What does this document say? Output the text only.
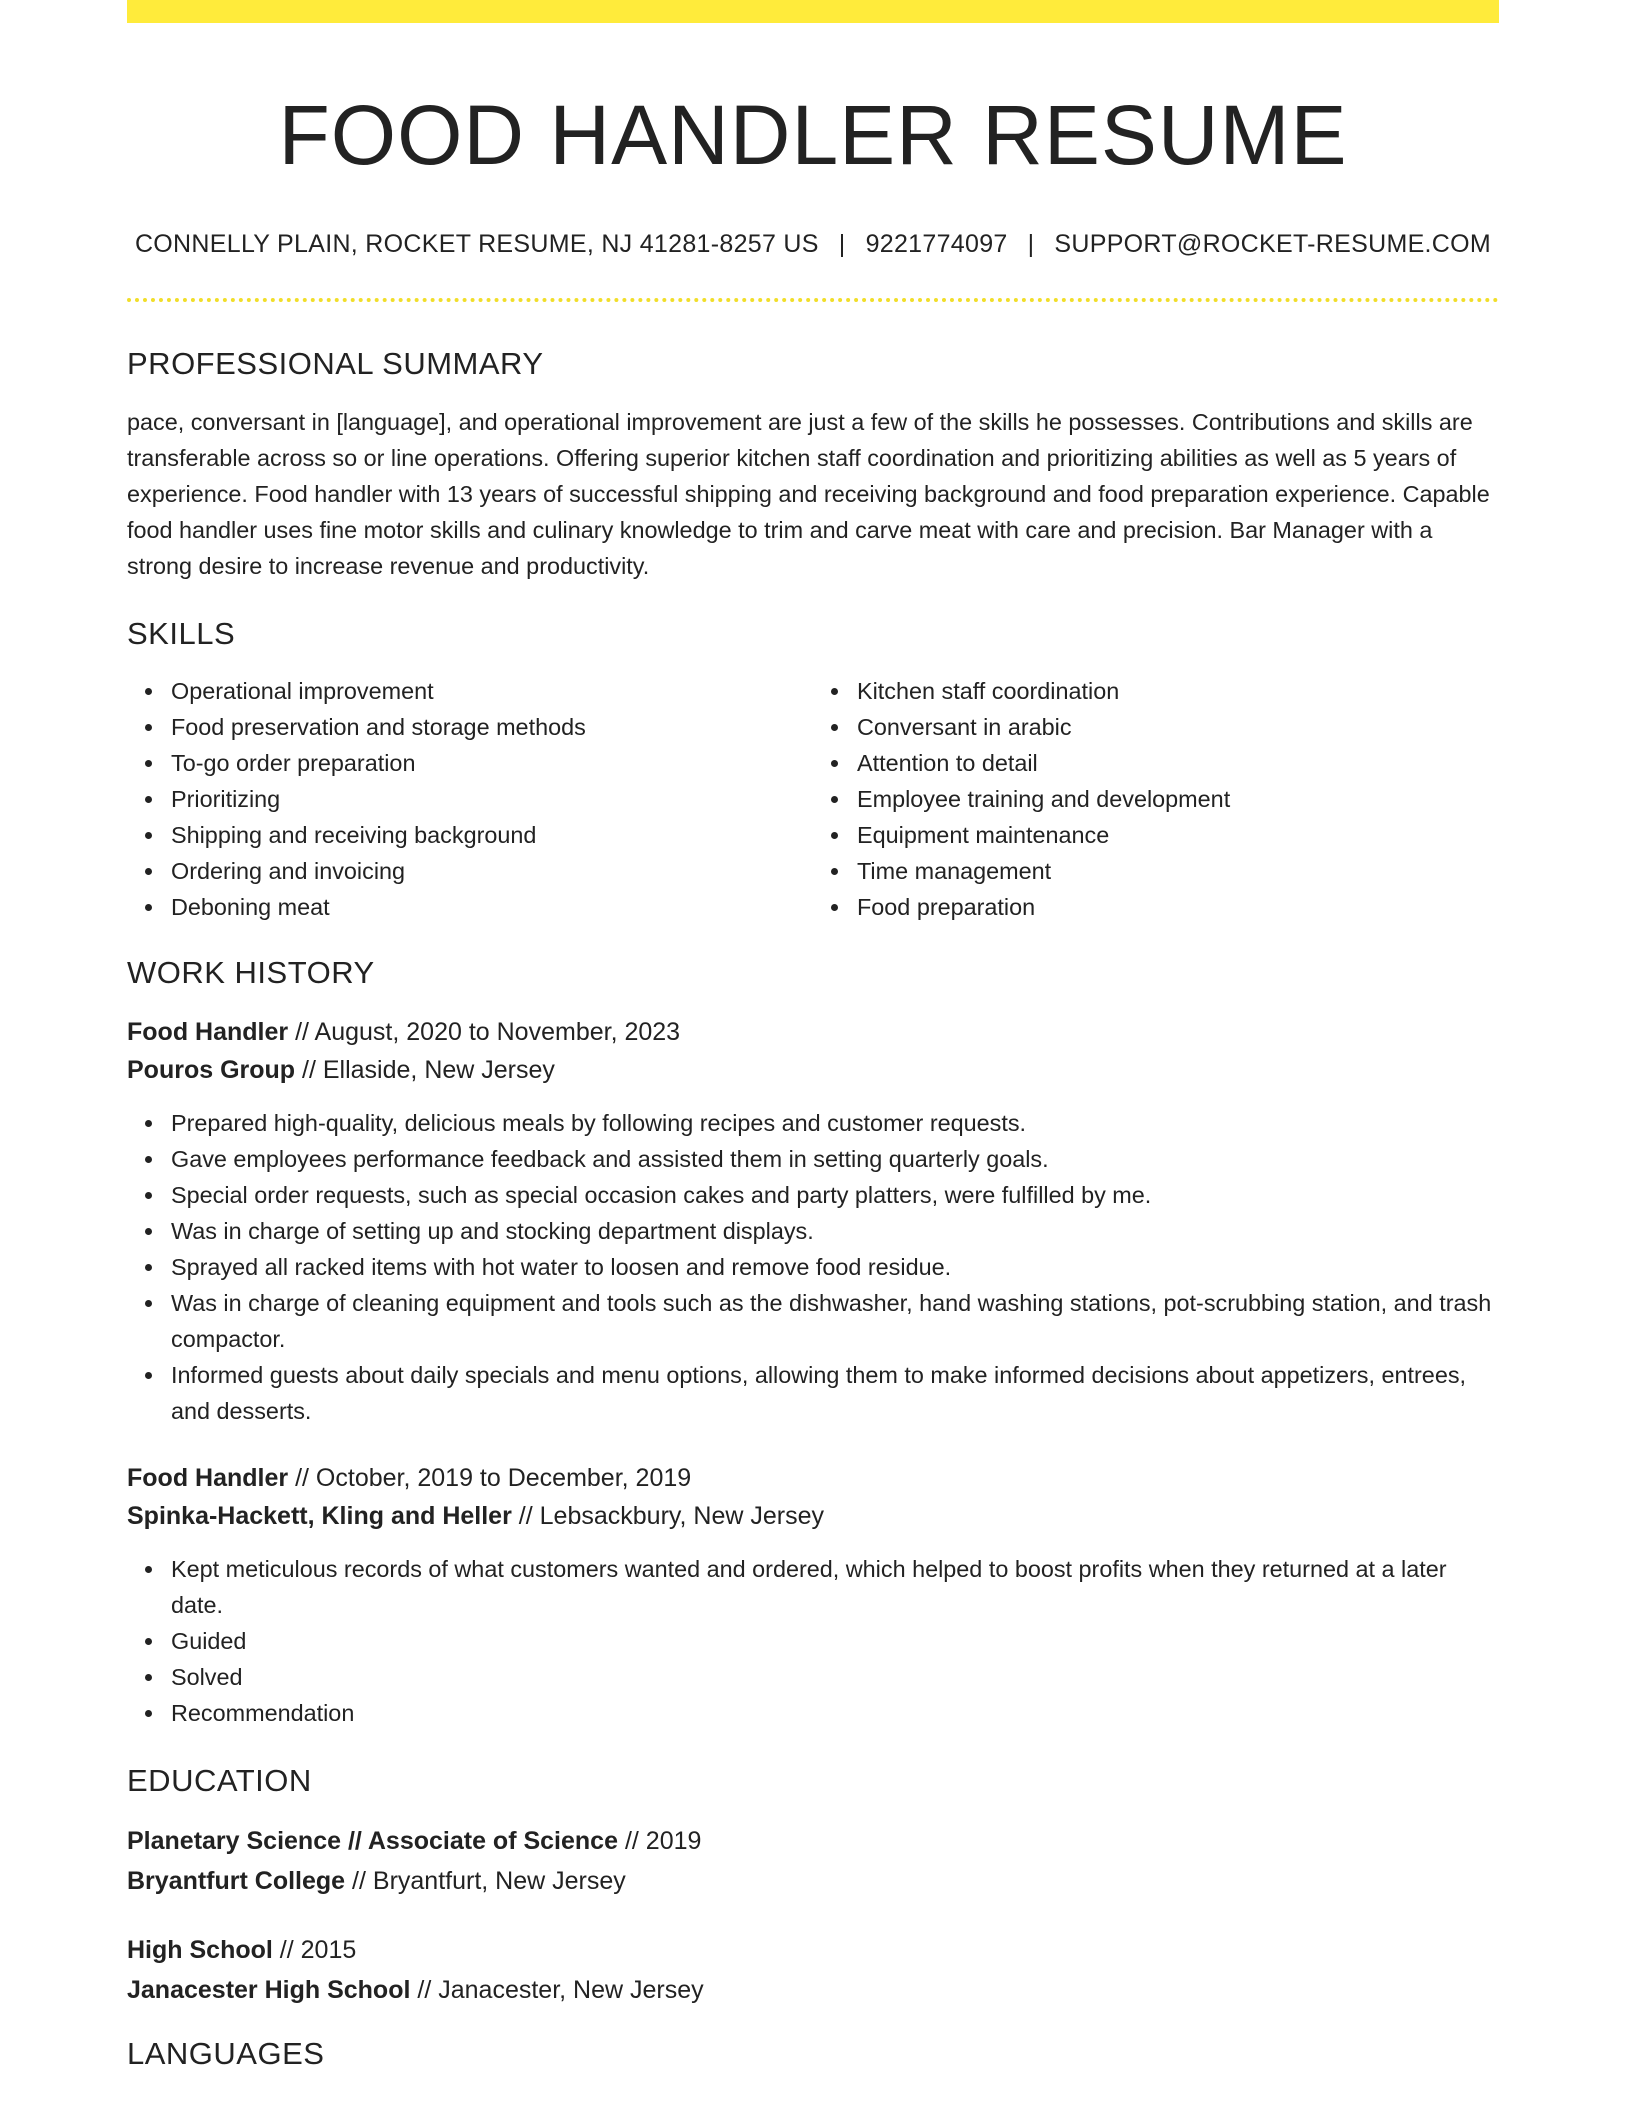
FOOD HANDLER RESUME
CONNELLY PLAIN, ROCKET RESUME, NJ 41281-8257 US | 9221774097 | SUPPORT@ROCKET-RESUME.COM
PROFESSIONAL SUMMARY
pace, conversant in [language], and operational improvement are just a few of the skills he possesses. Contributions and skills are transferable across so or line operations. Offering superior kitchen staff coordination and prioritizing abilities as well as 5 years of experience. Food handler with 13 years of successful shipping and receiving background and food preparation experience. Capable food handler uses fine motor skills and culinary knowledge to trim and carve meat with care and precision. Bar Manager with a strong desire to increase revenue and productivity.
SKILLS
Operational improvement
Food preservation and storage methods
To-go order preparation
Prioritizing
Shipping and receiving background
Ordering and invoicing
Deboning meat
Kitchen staff coordination
Conversant in arabic
Attention to detail
Employee training and development
Equipment maintenance
Time management
Food preparation
WORK HISTORY
Food Handler // August, 2020 to November, 2023
Pouros Group // Ellaside, New Jersey
Prepared high-quality, delicious meals by following recipes and customer requests.
Gave employees performance feedback and assisted them in setting quarterly goals.
Special order requests, such as special occasion cakes and party platters, were fulfilled by me.
Was in charge of setting up and stocking department displays.
Sprayed all racked items with hot water to loosen and remove food residue.
Was in charge of cleaning equipment and tools such as the dishwasher, hand washing stations, pot-scrubbing station, and trash compactor.
Informed guests about daily specials and menu options, allowing them to make informed decisions about appetizers, entrees, and desserts.
Food Handler // October, 2019 to December, 2019
Spinka-Hackett, Kling and Heller // Lebsackbury, New Jersey
Kept meticulous records of what customers wanted and ordered, which helped to boost profits when they returned at a later date.
Guided
Solved
Recommendation
EDUCATION
Planetary Science // Associate of Science // 2019
Bryantfurt College // Bryantfurt, New Jersey
High School // 2015
Janacester High School // Janacester, New Jersey
LANGUAGES
